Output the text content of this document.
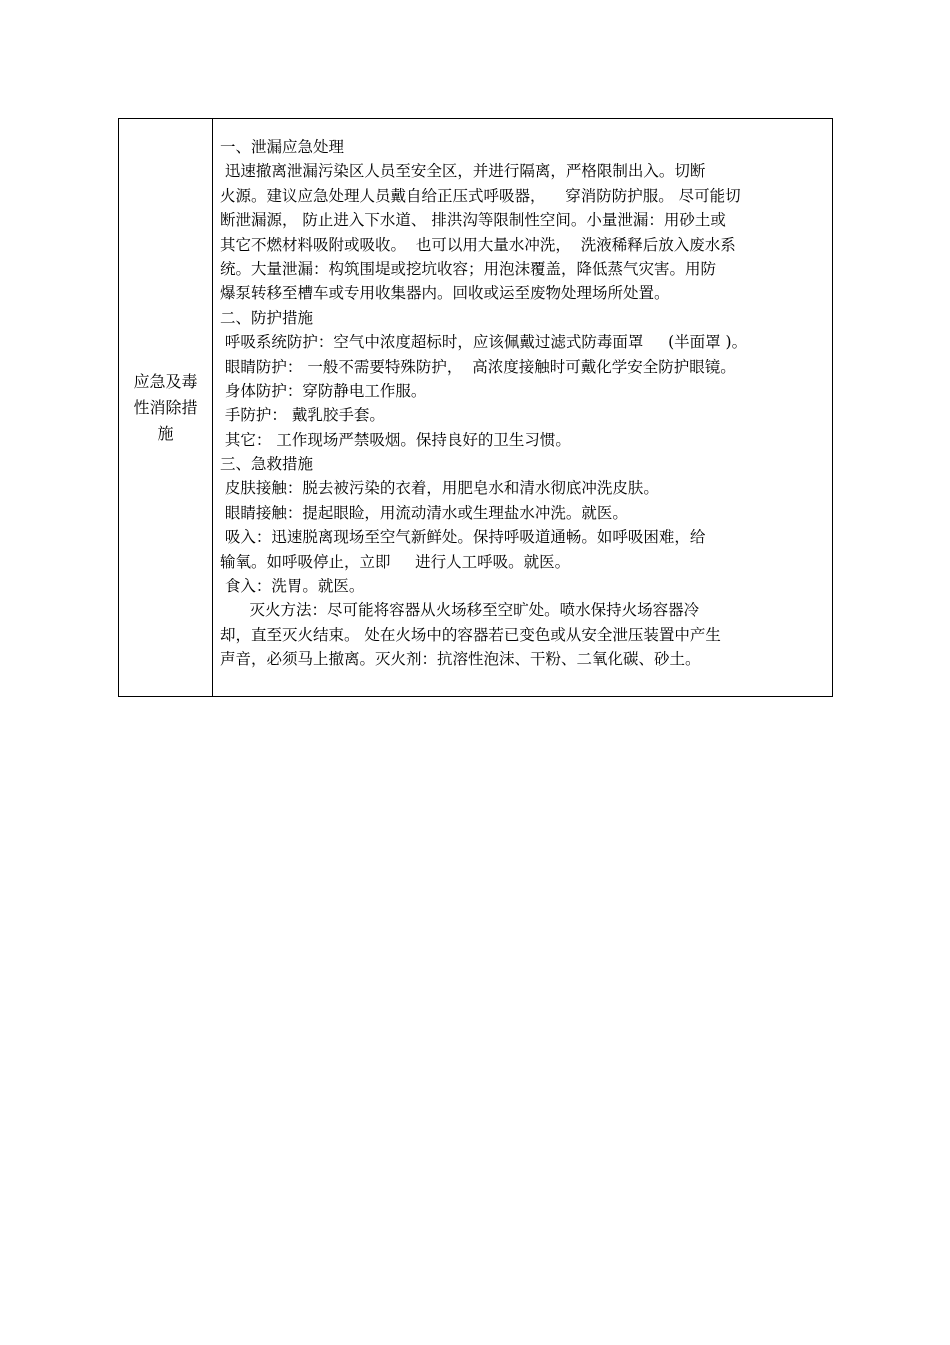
应急及毒性消除措施
一、泄漏应急处理
迅速撤离泄漏污染区人员至安全区，并进行隔离，严格限制出入。切断
火源。建议应急处理人员戴自给正压式呼吸器，    穿消防防护服。 尽可能切
断泄漏源， 防止进入下水道、 排洪沟等限制性空间。小量泄漏：用砂土或
其它不燃材料吸附或吸收。  也可以用大量水冲洗，  洗液稀释后放入废水系
统。大量泄漏：构筑围堤或挖坑收容；用泡沫覆盖，降低蒸气灾害。用防
爆泵转移至槽车或专用收集器内。回收或运至废物处理场所处置。
二、防护措施
呼吸系统防护：空气中浓度超标时，应该佩戴过滤式防毒面罩     (半面罩 )。
眼睛防护： 一般不需要特殊防护，  高浓度接触时可戴化学安全防护眼镜。
身体防护：穿防静电工作服。
手防护： 戴乳胶手套。
其它： 工作现场严禁吸烟。保持良好的卫生习惯。
三、急救措施
皮肤接触：脱去被污染的衣着，用肥皂水和清水彻底冲洗皮肤。
眼睛接触：提起眼睑，用流动清水或生理盐水冲洗。就医。
吸入：迅速脱离现场至空气新鲜处。保持呼吸道通畅。如呼吸困难，给
输氧。如呼吸停止，立即     进行人工呼吸。就医。
食入：洗胃。就医。
灭火方法：尽可能将容器从火场移至空旷处。喷水保持火场容器冷
却，直至灭火结束。 处在火场中的容器若已变色或从安全泄压装置中产生
声音，必须马上撤离。灭火剂：抗溶性泡沫、干粉、二氧化碳、砂土。
